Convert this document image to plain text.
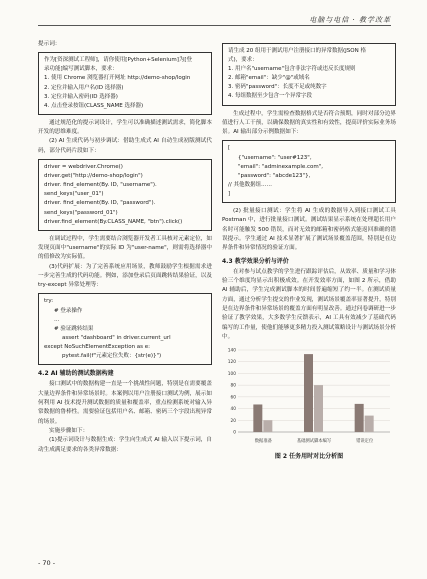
电脑与电信 · 教学改革

提示词：

作为[资深测试工程师]，请你使用[Python+Selenium]为[登
录功能]编写测试脚本，要求：
1. 使用 Chrome 浏览器打开网址 http://demo-shop/login
2. 定位并输入用户名(ID 选择器)
3. 定位并输入密码(ID 选择器)
4. 点击登录按钮(CLASS_NAME 选择器)

通过规范化的提示词设计，学生可以准确描述测试需求，简化脚本开发的思维难度。

(2) AI 生成代码与初步调试：借助生成式 AI 自动生成初版测试代码，部分代码片段如下：

driver = webdriver.Chrome()
driver.get("http://demo-shop/login")
driver. find_element(By. ID, "username"). send_keys("user_01")
driver. find_element(By. ID, "password"). send_keys("password_01")
driver.find_element(By.CLASS_NAME, "btn").click()

在调试过程中，学生需要结合浏览器开发者工具核对元素定位，如发现页面中"username"的实际 ID 为"user-name"，则需将选择器中的值修改为实际值。

(3)代码扩展：为了完善系统应用场景，教师鼓励学生根据需求进一步完善生成的代码功能。例如，添加登录后页面跳转结果验证，以及 try-except 异常处理等：

try:
# 登录操作
…
# 验证跳转结果
assert "dashboard" in driver.current_url
except NoSuchElementException as e:
pytest.fail(f"元素定位失败：{str(e)}")
4.2 AI 辅助的测试数据构建

接口测试中的数据构建一直是一个挑战性问题，特别是在需要覆盖大量边界条件和异常场景时。本案例以用户注册接口测试为例，展示如何利用 AI 技术提升测试数据的质量和覆盖率，重点检测系统对输入异常数据的鲁棒性。需要验证包括用户名、邮箱、密码三个字段出现异常的场景。

实施步骤如下：

(1)提示词设计与数据生成：学生向生成式 AI 输入以下提示词，自动生成满足要求的各类异常数据：

请生成 20 组用于测试用户注册接口的异常数据(JSON 格
式)，要求：
1. 用户名"username"包含非法字符或违反长度规则
2. 邮箱"email"：缺少"@"或域名
3. 密码"password"：长度不足或纯数字
4. 每组数据至少包含一个异常字段

生成过程中，学生需检查数据格式是否符合预期，同时对部分边界值进行人工干预，以确保数据的真实性和有效性，提高评价实际业务场景。AI 输出部分示例数据如下：

[
{"username": "user#123",
"email": "adminexample.com",
"password": "abcde123"},
// 其他数据组……
]

(2) 批量接口测试：学生将 AI 生成的数据导入到接口测试工具 Postman 中，进行批量接口测试。测试结果显示系统在处理超长用户名时可能触发 500 错误，而对无效的邮箱和密码格式能返回准确的错误提示。学生通过 AI 技术显著扩展了测试场景覆盖范围，特别是在边界条件和异常情况的验证方面。

4.3 教学效果分析与评价

在对参与试点教学的学生进行跟踪评估后，从效率、质量和学习体验三个维度均显示出积极成效。在开发效率方面，如图 2 所示，借助 AI 辅助后，学生完成测试脚本的时间普遍缩短了约一半。在测试质量方面，通过分析学生提交的作业发现，测试场景覆盖率显著提升，特别是在边界条件和异常场景的覆盖方面有明显改善。通过问卷调研进一步验证了教学效果，大多数学生反馈表示，AI 工具有效减少了基础代码编写的工作量，使他们能够更多精力投入测试策略设计与测试场景分析中。

0
20
40
60
80
100
120
140
数据准备	基础测试脚本编写	错误定位
图 2 任务用时对比分析图
- 70 -
